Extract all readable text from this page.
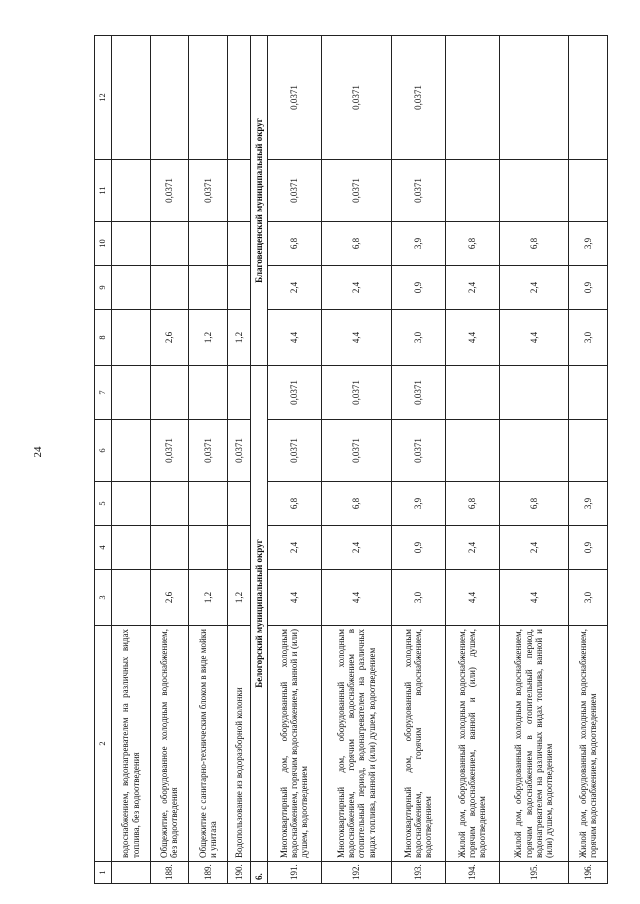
24
1	2	3	4	5	6	7	8	9	10	11	12
	водоснабжением, водонагревателем на различных видах топлива, без водоотведения										
188.	Общежитие, оборудованное холодным водоснабжением, без водоотведения	2,6			0,0371		2,6			0,0371	
189.	Общежитие с санитарно-техническим блоком в виде мойки и унитаза	1,2			0,0371		1,2			0,0371	
190.	Водопользование из водоразборной колонки	1,2			0,0371		1,2				
6.	Белогорский муниципальный округ						Благовещенский муниципальный округ				
191.	Многоквартирный дом, оборудованный холодным водоснабжением, горячим водоснабжением, ванной и (или) душем, водоотведением	4,4	2,4	6,8	0,0371	0,0371	4,4	2,4	6,8	0,0371	0,0371
192.	Многоквартирный дом, оборудованный холодным водоснабжением, горячим водоснабжением в отопительный период, водонагревателем на различных видах топлива, ванной и (или) душем, водоотведением	4,4	2,4	6,8	0,0371	0,0371	4,4	2,4	6,8	0,0371	0,0371
193.	Многоквартирный дом, оборудованный холодным водоснабжением, горячим водоснабжением, водоотведением	3,0	0,9	3,9	0,0371	0,0371	3,0	0,9	3,9	0,0371	0,0371
194.	Жилой дом, оборудованный холодным водоснабжением, горячим водоснабжением, ванной и (или) душем, водоотведением	4,4	2,4	6,8			4,4	2,4	6,8		
195.	Жилой дом, оборудованный холодным водоснабжением, горячим водоснабжением в отопительный период, водонагревателем на различных видах топлива, ванной и (или) душем, водоотведением	4,4	2,4	6,8			4,4	2,4	6,8		
196.	Жилой дом, оборудованный холодным водоснабжением, горячим водоснабжением, водоотведением	3,0	0,9	3,9			3,0	0,9	3,9		
